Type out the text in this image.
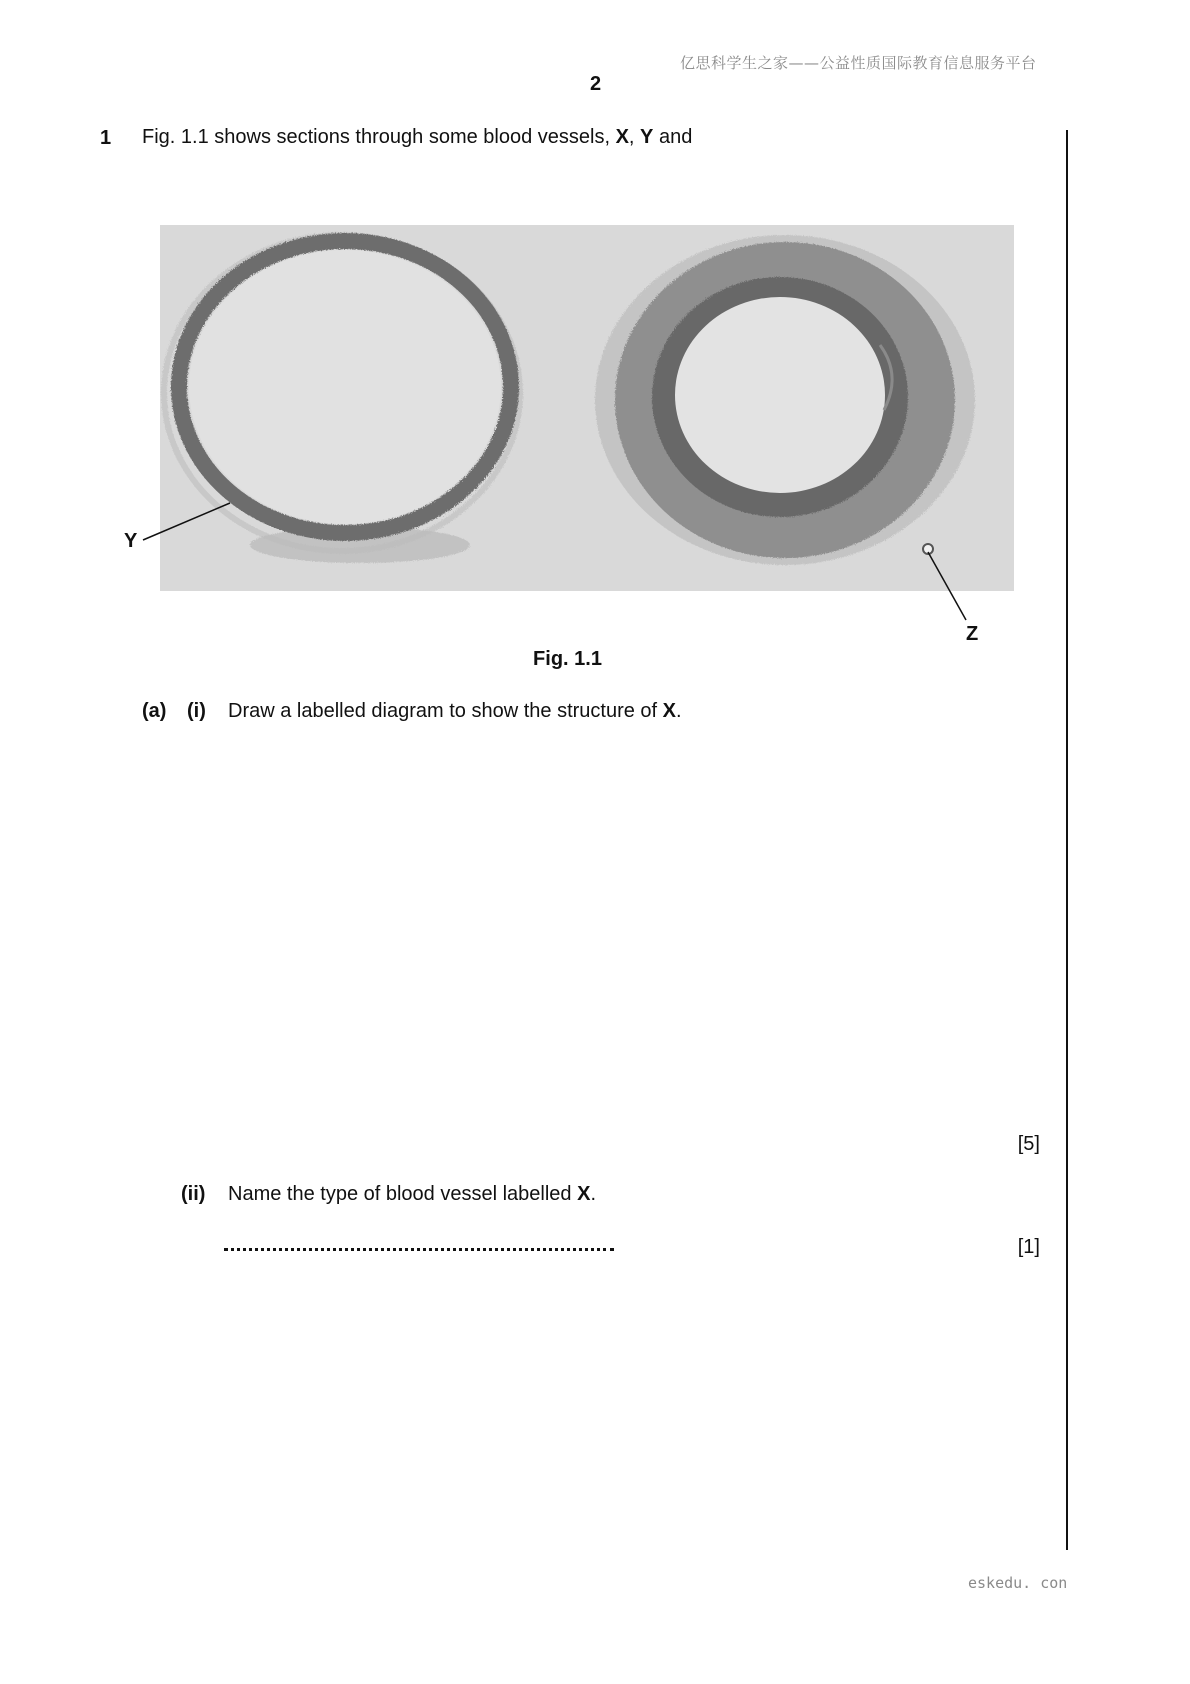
亿思科学生之家——公益性质国际教育信息服务平台
2
1 Fig. 1.1 shows sections through some blood vessels, X, Y and
Y
Z
Fig. 1.1
(a) (i) Draw a labelled diagram to show the structure of X.
[5]
(ii) Name the type of blood vessel labelled X.
[1]
eskedu. con
